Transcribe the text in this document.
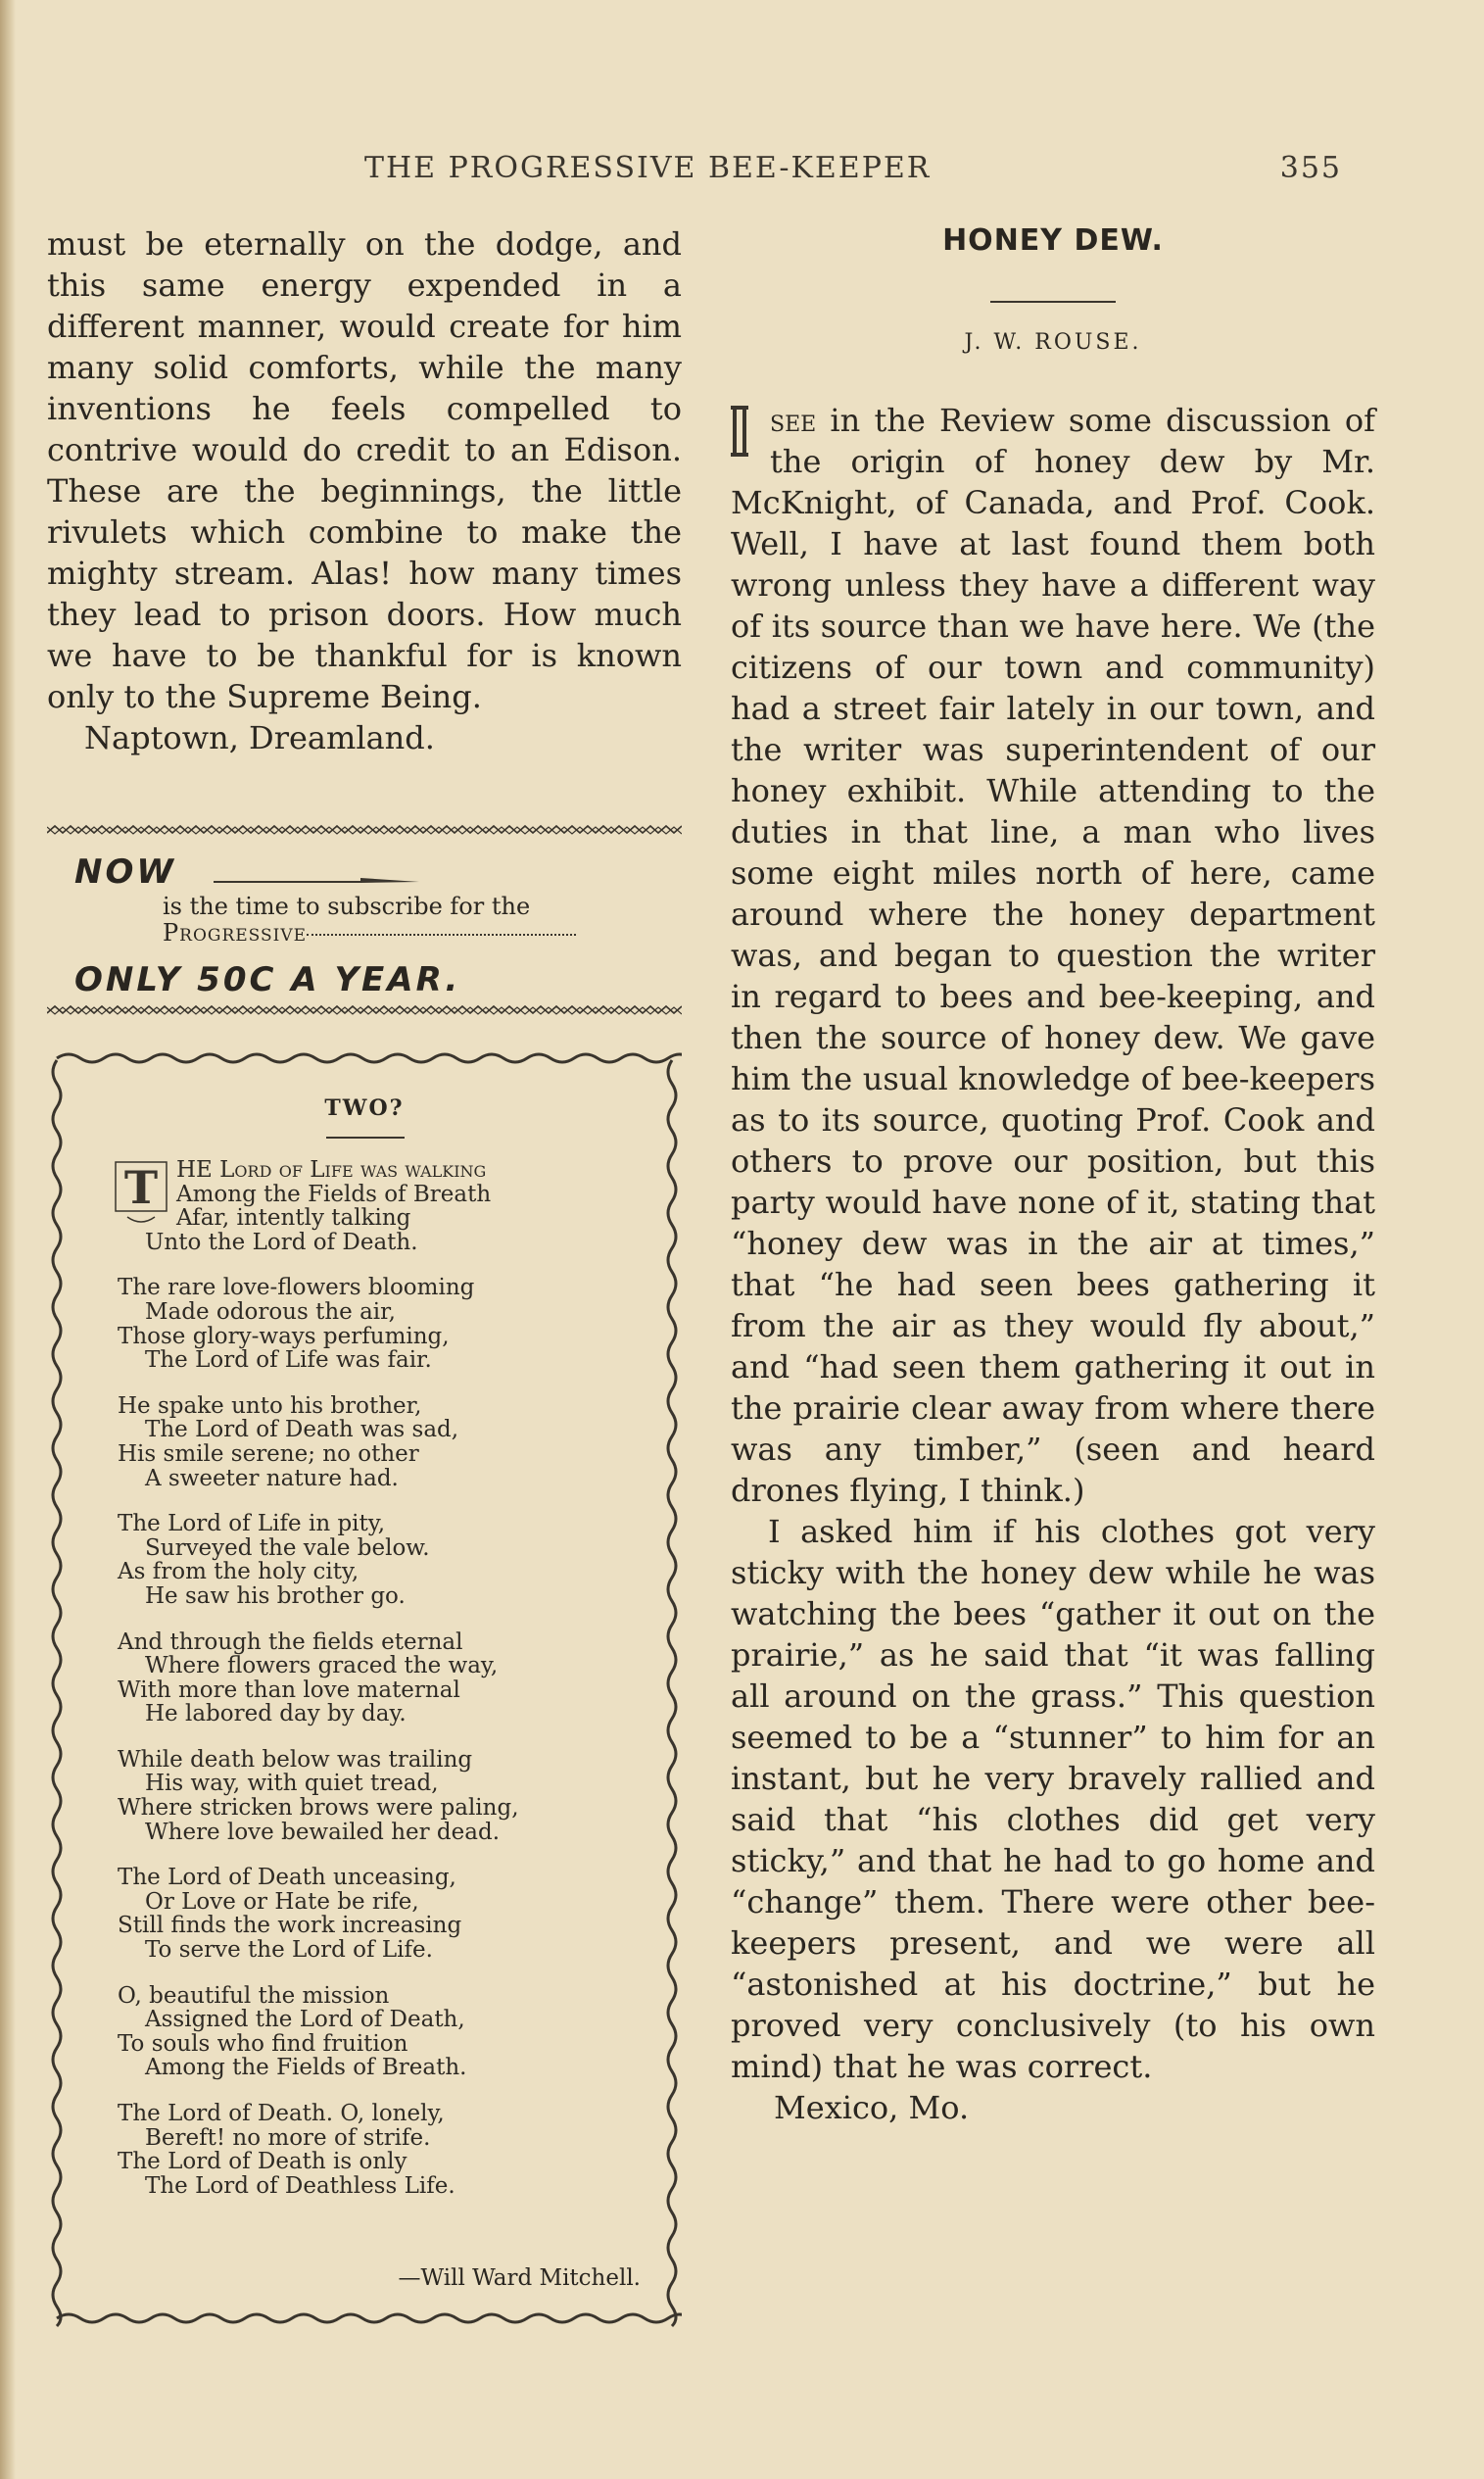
THE PROGRESSIVE BEE-KEEPER	355

must be eternally on the dodge, and this same energy expended in a different manner, would create for him many solid comforts, while the many inventions he feels compelled to contrive would do credit to an Edison. These are the beginnings, the little rivulets which combine to make the mighty stream. Alas! how many times they lead to prison doors. How much we have to be thankful for is known only to the Supreme Being.
Naptown, Dreamland.

NOW
is the time to subscribe for the
Progressive
ONLY 50C A YEAR.
TWO?
T HE Lord of Life was walking
Among the Fields of Breath
Afar, intently talking
Unto the Lord of Death.
The rare love-flowers blooming
Made odorous the air,
Those glory-ways perfuming,
The Lord of Life was fair.
He spake unto his brother,
The Lord of Death was sad,
His smile serene; no other
A sweeter nature had.
The Lord of Life in pity,
Surveyed the vale below.
As from the holy city,
He saw his brother go.
And through the fields eternal
Where flowers graced the way,
With more than love maternal
He labored day by day.
While death below was trailing
His way, with quiet tread,
Where stricken brows were paling,
Where love bewailed her dead.
The Lord of Death unceasing,
Or Love or Hate be rife,
Still finds the work increasing
To serve the Lord of Life.
O, beautiful the mission
Assigned the Lord of Death,
To souls who find fruition
Among the Fields of Breath.
The Lord of Death. O, lonely,
Bereft! no more of strife.
The Lord of Death is only
The Lord of Deathless Life.
—Will Ward Mitchell.
HONEY DEW.
J. W. ROUSE.

see in the Review some discussion of the origin of honey dew by Mr. McKnight, of Canada, and Prof. Cook. Well, I have at last found them both wrong unless they have a different way of its source than we have here. We (the citizens of our town and community) had a street fair lately in our town, and the writer was superintendent of our honey exhibit. While attending to the duties in that line, a man who lives some eight miles north of here, came around where the honey department was, and began to question the writer in regard to bees and bee-keeping, and then the source of honey dew. We gave him the usual knowledge of bee-keepers as to its source, quoting Prof. Cook and others to prove our position, but this party would have none of it, stating that “honey dew was in the air at times,” that “he had seen bees gathering it from the air as they would fly about,” and “had seen them gathering it out in the prairie clear away from where there was any timber,” (seen and heard drones flying, I think.)

I asked him if his clothes got very sticky with the honey dew while he was watching the bees “gather it out on the prairie,” as he said that “it was falling all around on the grass.” This question seemed to be a “stunner” to him for an instant, but he very bravely rallied and said that “his clothes did get very sticky,” and that he had to go home and “change” them. There were other bee-keepers present, and we were all “astonished at his doctrine,” but he proved very conclusively (to his own mind) that he was correct.
Mexico, Mo.
